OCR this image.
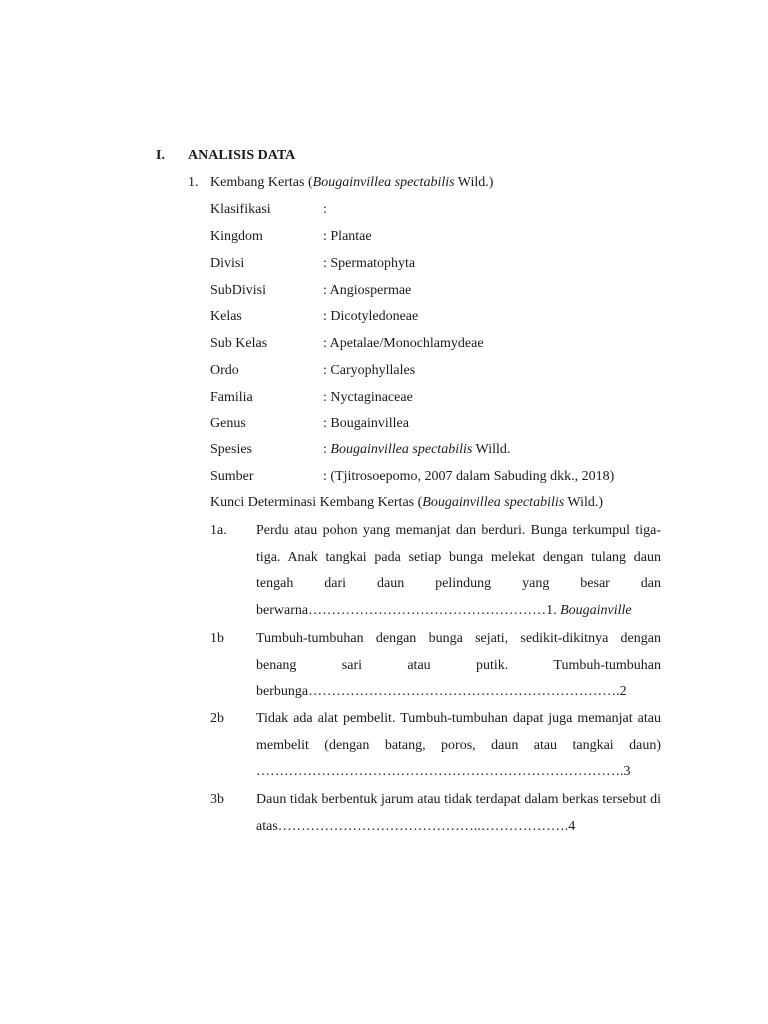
I. ANALISIS DATA
1. Kembang Kertas (Bougainvillea spectabilis Wild.)
Klasifikasi	:
Kingdom	: Plantae
Divisi	: Spermatophyta
SubDivisi	: Angiospermae
Kelas	: Dicotyledoneae
Sub Kelas	: Apetalae/Monochlamydeae
Ordo	: Caryophyllales
Familia	: Nyctaginaceae
Genus	: Bougainvillea
Spesies	: Bougainvillea spectabilis Willd.
Sumber	: (Tjitrosoepomo, 2007 dalam Sabuding dkk., 2018)
Kunci Determinasi Kembang Kertas (Bougainvillea spectabilis Wild.)
1a. Perdu atau pohon yang memanjat dan berduri. Bunga terkumpul tiga-tiga. Anak tangkai pada setiap bunga melekat dengan tulang daun tengah dari daun pelindung yang besar dan berwarna……………………………………………1. Bougainville
1b Tumbuh-tumbuhan dengan bunga sejati, sedikit-dikitnya dengan benang sari atau putik. Tumbuh-tumbuhan berbunga………………………………………………………….2
2b Tidak ada alat pembelit. Tumbuh-tumbuhan dapat juga memanjat atau membelit (dengan batang, poros, daun atau tangkai daun) …………………………………………………………………….3
3b Daun tidak berbentuk jarum atau tidak terdapat dalam berkas tersebut di atas……………………………………..……………….4
